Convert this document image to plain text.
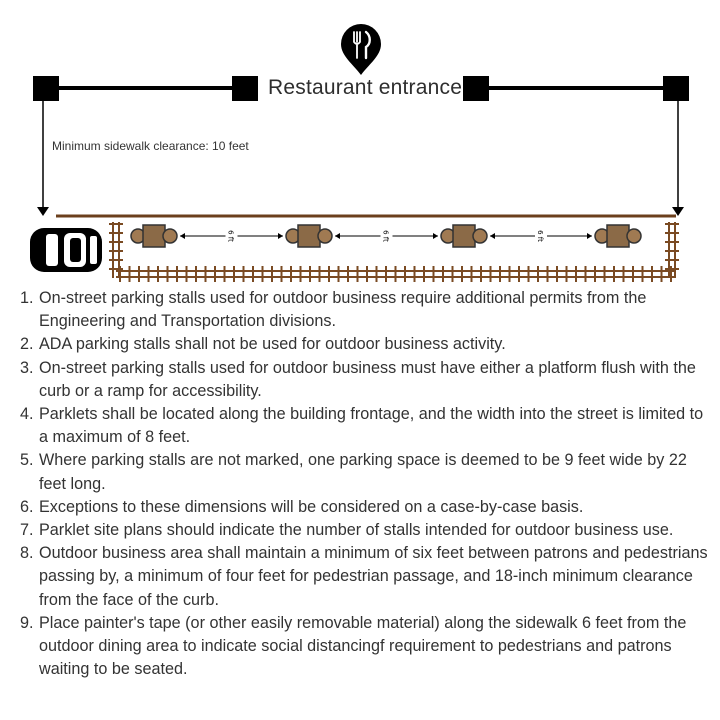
6 ft	6 ft	6 ft
Restaurant entrance
Minimum sidewalk clearance: 10 feet
1. On-street parking stalls used for outdoor business require additional permits from the Engineering and Transportation divisions.
2. ADA parking stalls shall not be used for outdoor business activity.
3. On-street parking stalls used for outdoor business must have either a platform flush with the curb or a ramp for accessibility.
4. Parklets shall be located along the building frontage, and the width into the street is limited to a maximum of 8 feet.
5. Where parking stalls are not marked, one parking space is deemed to be 9 feet wide by 22 feet long.
6. Exceptions to these dimensions will be considered on a case-by-case basis.
7. Parklet site plans should indicate the number of stalls intended for outdoor business use.
8. Outdoor business area shall maintain a minimum of six feet between patrons and pedestrians passing by, a minimum of four feet for pedestrian passage, and 18-inch minimum clearance from the face of the curb.
9. Place painter's tape (or other easily removable material) along the sidewalk 6 feet from the outdoor dining area to indicate social distancingf requirement to pedestrians and patrons waiting to be seated.
